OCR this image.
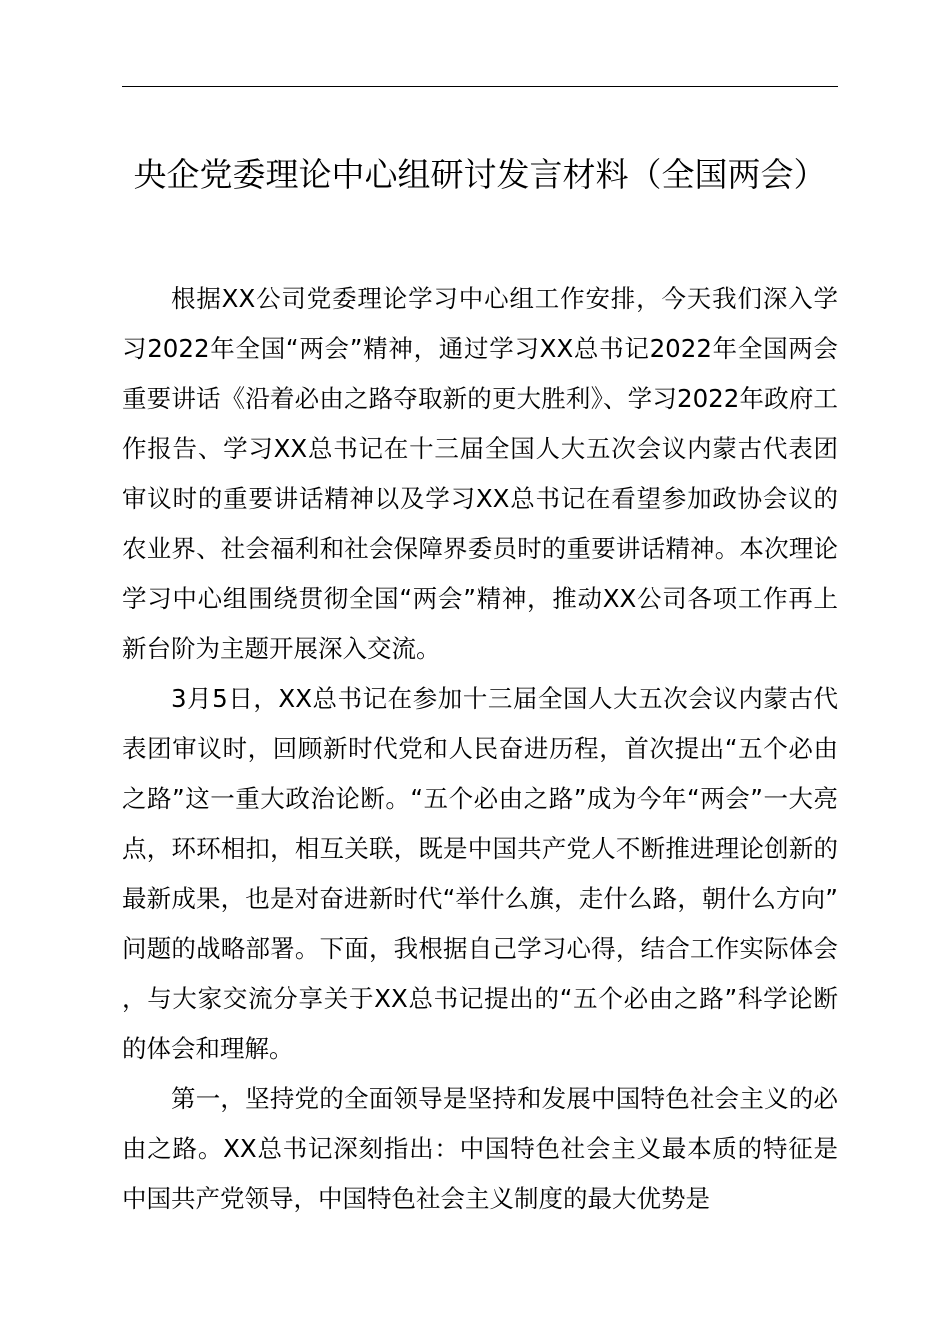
央企党委理论中心组研讨发言材料（全国两会）

根据XX公司党委理论学习中心组工作安排，今天我们深入学习2022年全国“两会”精神，通过学习XX总书记2022年全国两会重要讲话《沿着必由之路夺取新的更大胜利》、学习2022年政府工作报告、学习XX总书记在十三届全国人大五次会议内蒙古代表团审议时的重要讲话精神以及学习XX总书记在看望参加政协会议的农业界、社会福利和社会保障界委员时的重要讲话精神。本次理论学习中心组围绕贯彻全国“两会”精神，推动XX公司各项工作再上新台阶为主题开展深入交流。

3月5日，XX总书记在参加十三届全国人大五次会议内蒙古代表团审议时，回顾新时代党和人民奋进历程，首次提出“五个必由之路”这一重大政治论断。“五个必由之路”成为今年“两会”一大亮点，环环相扣，相互关联，既是中国共产党人不断推进理论创新的最新成果，也是对奋进新时代“举什么旗，走什么路，朝什么方向”问题的战略部署。下面，我根据自己学习心得，结合工作实际体会，与大家交流分享关于XX总书记提出的“五个必由之路”科学论断的体会和理解。

第一，坚持党的全面领导是坚持和发展中国特色社会主义的必由之路。XX总书记深刻指出：中国特色社会主义最本质的特征是中国共产党领导，中国特色社会主义制度的最大优势是
